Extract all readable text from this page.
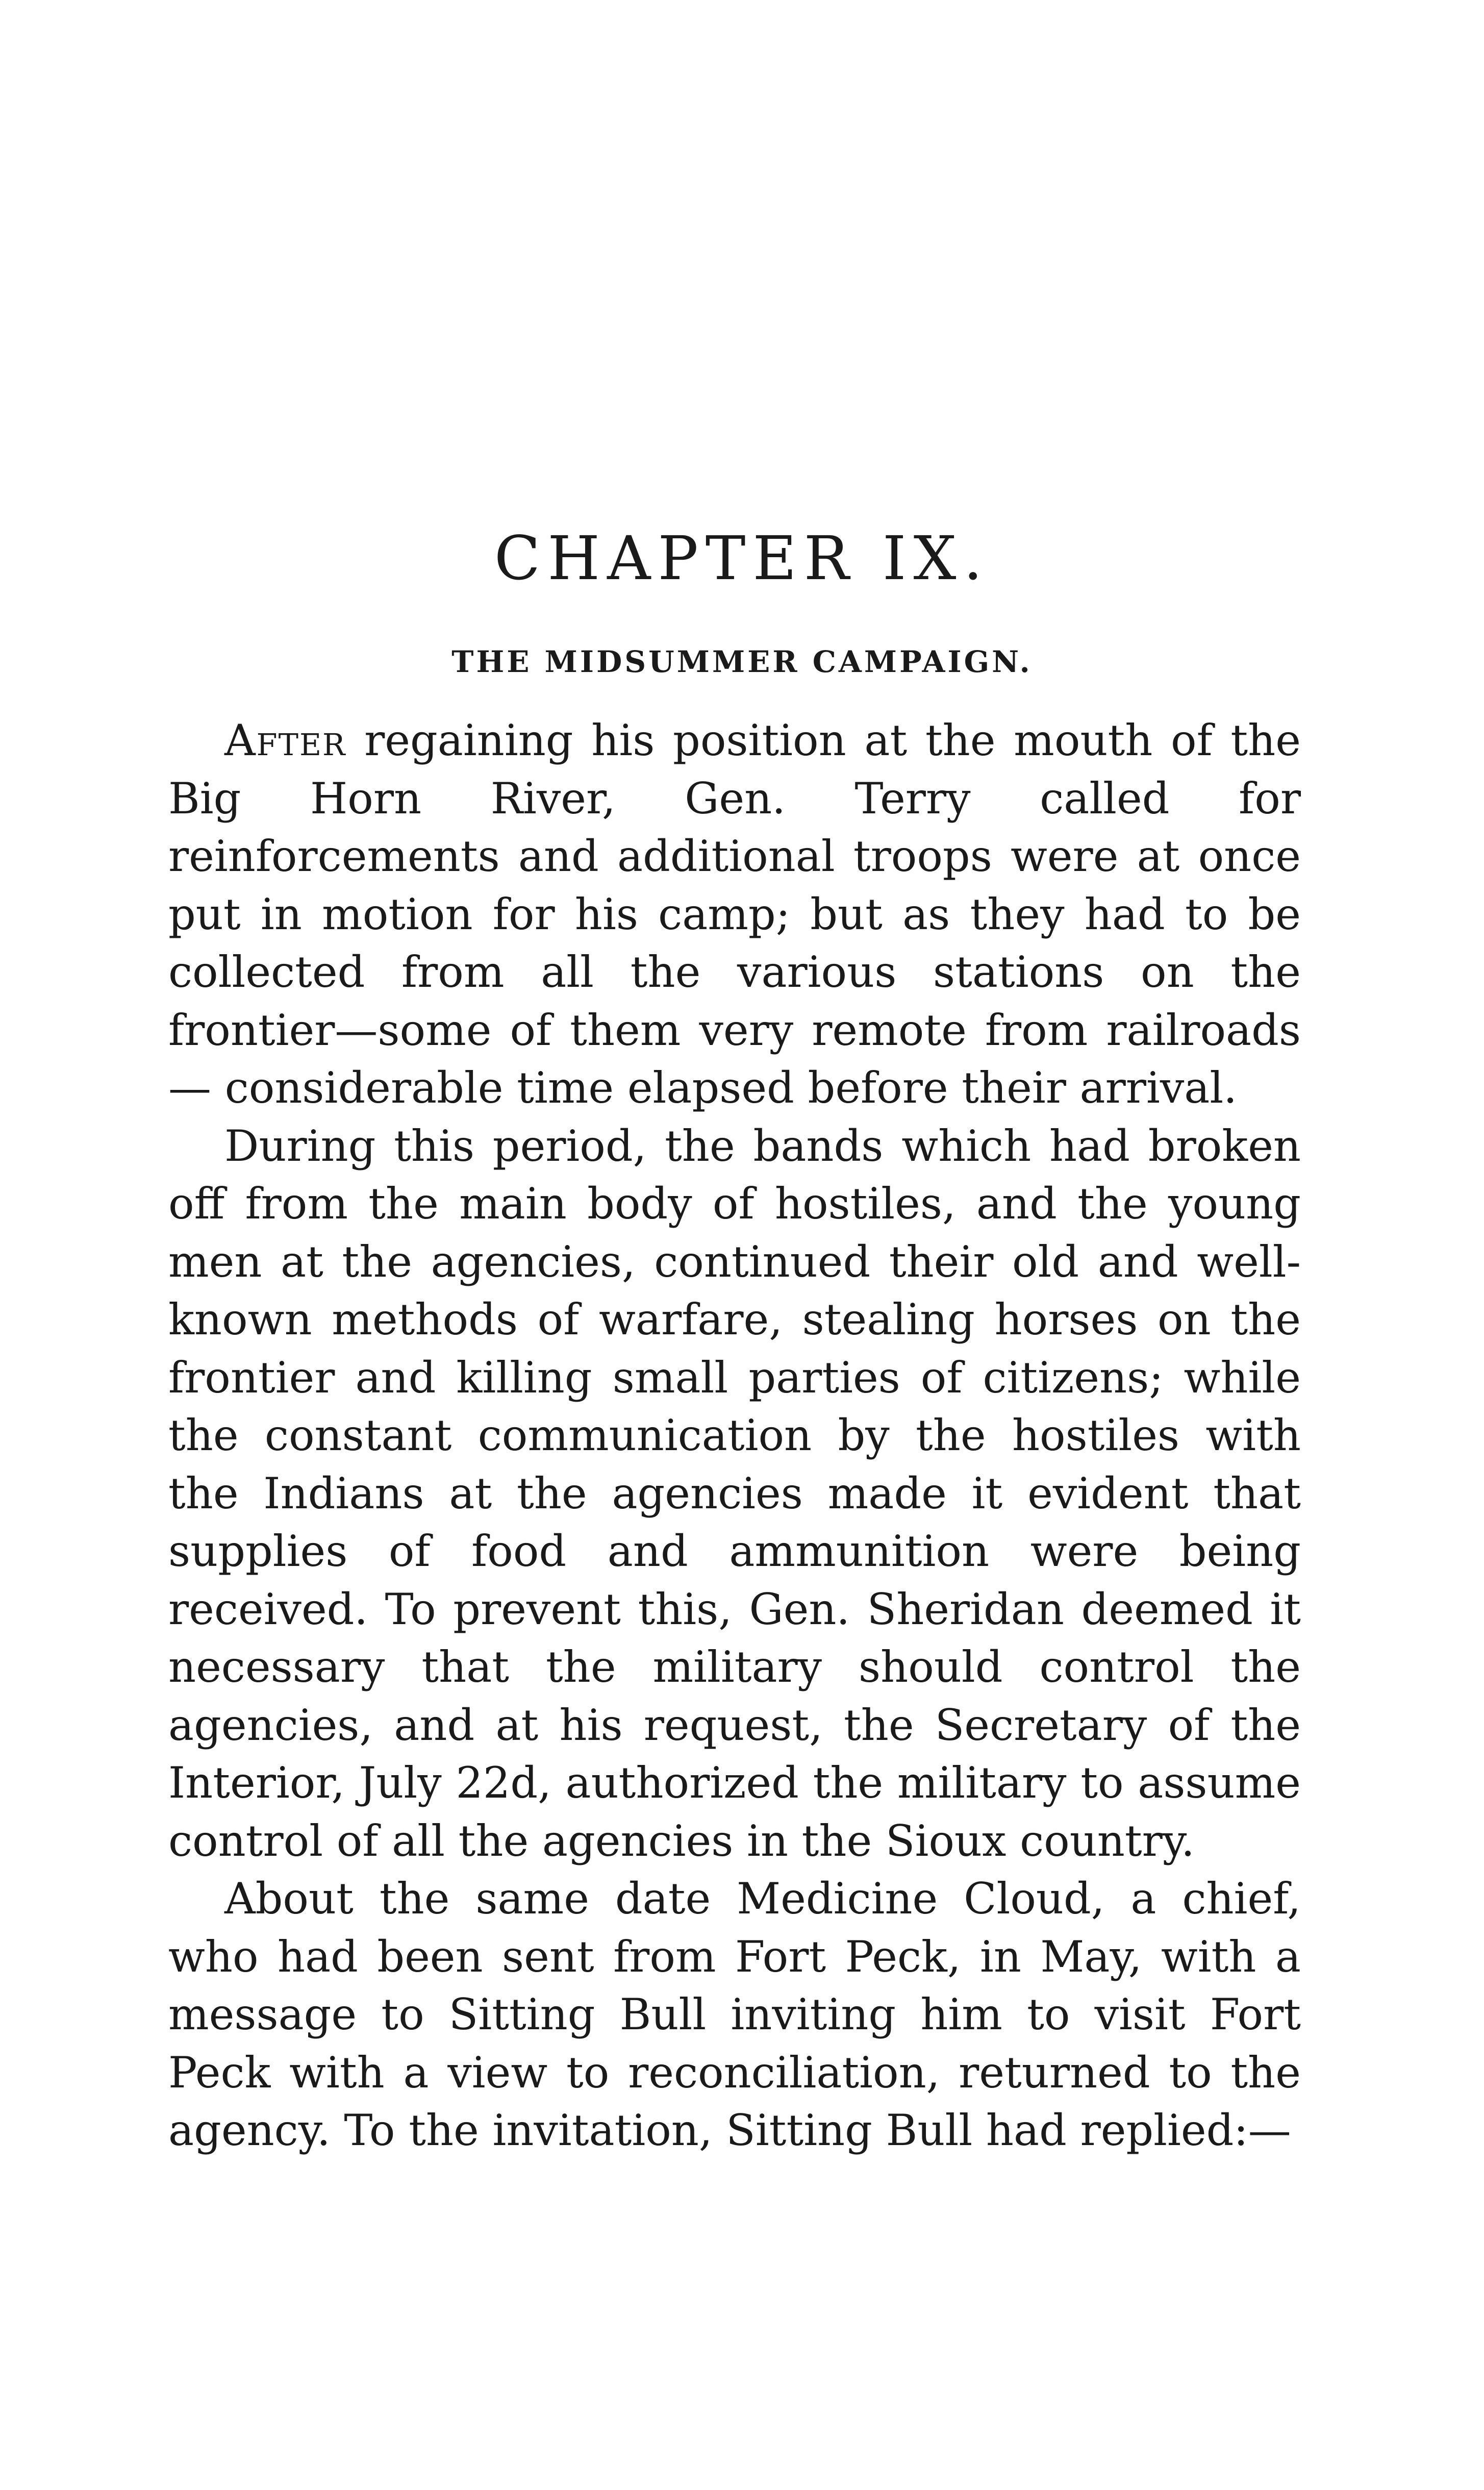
CHAPTER IX.
THE MIDSUMMER CAMPAIGN.

After regaining his position at the mouth of the Big Horn River, Gen. Terry called for reinforcements and additional troops were at once put in motion for his camp; but as they had to be collected from all the various stations on the frontier—some of them very remote from railroads — considerable time elapsed before their arrival.

During this period, the bands which had broken off from the main body of hostiles, and the young men at the agencies, continued their old and well-known methods of warfare, stealing horses on the frontier and killing small parties of citizens; while the constant communication by the hostiles with the Indians at the agencies made it evident that supplies of food and ammunition were being received. To prevent this, Gen. Sheridan deemed it necessary that the military should control the agencies, and at his request, the Secretary of the Interior, July 22d, authorized the military to assume control of all the agencies in the Sioux country.

About the same date Medicine Cloud, a chief, who had been sent from Fort Peck, in May, with a message to Sitting Bull inviting him to visit Fort Peck with a view to reconciliation, returned to the agency. To the invitation, Sitting Bull had replied:—
